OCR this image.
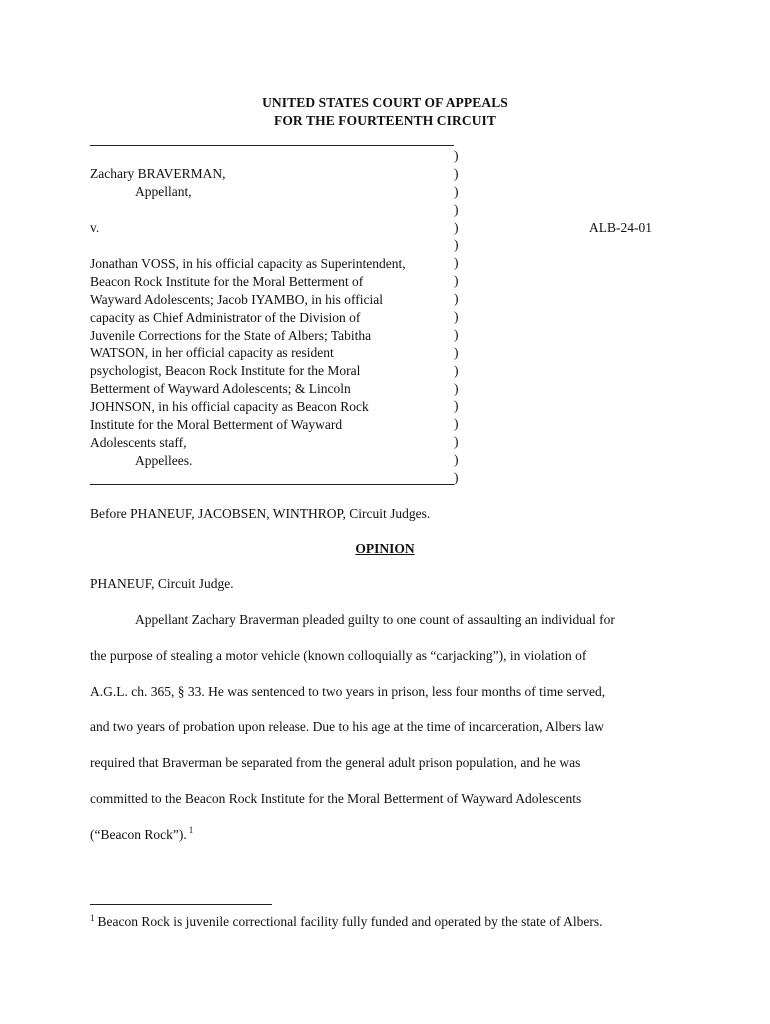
UNITED STATES COURT OF APPEALS
FOR THE FOURTEENTH CIRCUIT
Zachary BRAVERMAN,
Appellant,
v.
Jonathan VOSS, in his official capacity as Superintendent,
Beacon Rock Institute for the Moral Betterment of
Wayward Adolescents; Jacob IYAMBO, in his official
capacity as Chief Administrator of the Division of
Juvenile Corrections for the State of Albers; Tabitha
WATSON, in her official capacity as resident
psychologist, Beacon Rock Institute for the Moral
Betterment of Wayward Adolescents; & Lincoln
JOHNSON, in his official capacity as Beacon Rock
Institute for the Moral Betterment of Wayward
Adolescents staff,
Appellees.
)
)
)
)
)
)
)
)
)
)
)
)
)
)
)
)
)
)
)
ALB-24-01
Before PHANEUF, JACOBSEN, WINTHROP, Circuit Judges.
OPINION
PHANEUF, Circuit Judge.
Appellant Zachary Braverman pleaded guilty to one count of assaulting an individual for
the purpose of stealing a motor vehicle (known colloquially as “carjacking”), in violation of
A.G.L. ch. 365, § 33. He was sentenced to two years in prison, less four months of time served,
and two years of probation upon release. Due to his age at the time of incarceration, Albers law
required that Braverman be separated from the general adult prison population, and he was
committed to the Beacon Rock Institute for the Moral Betterment of Wayward Adolescents
(“Beacon Rock”). $^1$
$^1$ Beacon Rock is juvenile correctional facility fully funded and operated by the state of Albers.
